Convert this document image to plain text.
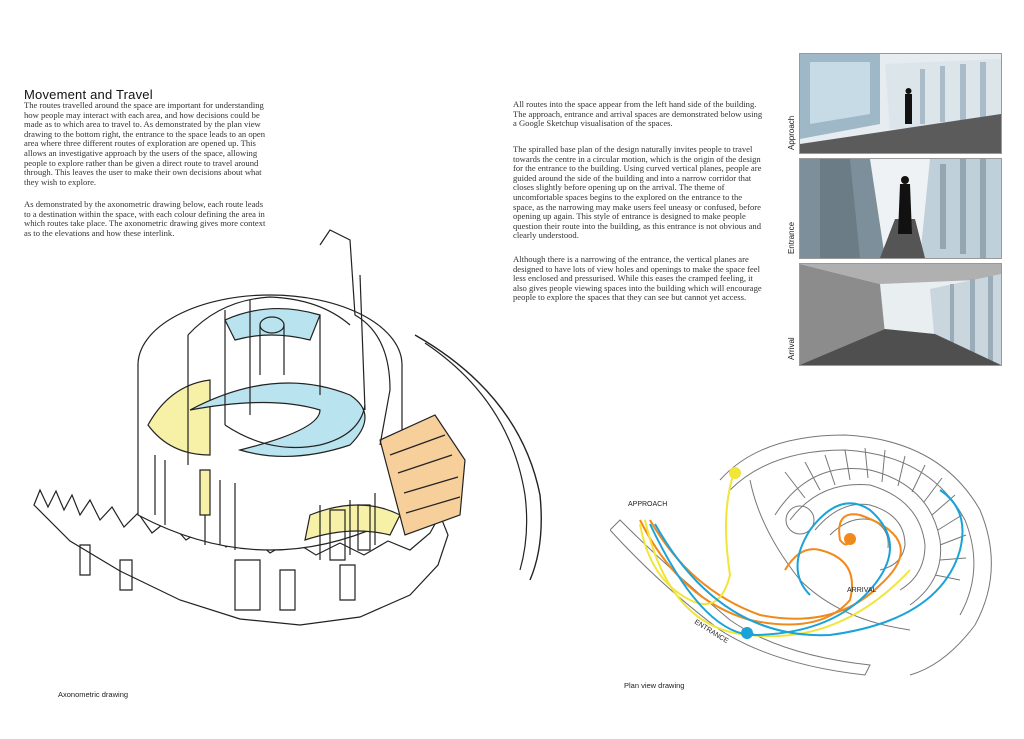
Movement and Travel

The routes travelled around the space are important for understanding how people may interact with each area, and how decisions could be made as to which area to travel to. As demonstrated by the plan view drawing to the bottom right, the entrance to the space leads to an open area where three different routes of exploration are opened up. This allows an investigative approach by the users of the space, allowing people to explore rather than be given a direct route to travel around through. This leaves the user to make their own decisions about what they wish to explore.

As demonstrated by the axonometric drawing below, each route leads to a destination within the space, with each colour defining the area in which routes take place. The axonometric drawing gives more context as to the elevations and how these interlink.

All routes into the space appear from the left hand side of the building. The approach, entrance and arrival spaces are demonstrated below using a Google Sketchup visualisation of the spaces.

The spiralled base plan of the design naturally invites people to travel towards the centre in a circular motion, which is the origin of the design for the entrance to the building. Using curved vertical planes, people are guided around the side of the building and into a narrow corridor that closes slightly before opening up on the arrival. The theme of uncomfortable spaces begins to the explored on the entrance to the space, as the narrowing may make users feel uneasy or confused, before opening up again. This style of entrance is designed to make people question their route into the building, as this entrance is not obvious and clearly understood.

Although there is a narrowing of the entrance, the vertical planes are designed to have lots of view holes and openings to make the space feel less enclosed and pressurised. While this eases the cramped feeling, it also gives people viewing spaces into the building which will encourage people to explore the spaces that they can see but cannot yet access.

Axonometric drawing
Approach
Entrance
Arrival
APPROACH
ARRIVAL
ENTRANCE
Plan view drawing
